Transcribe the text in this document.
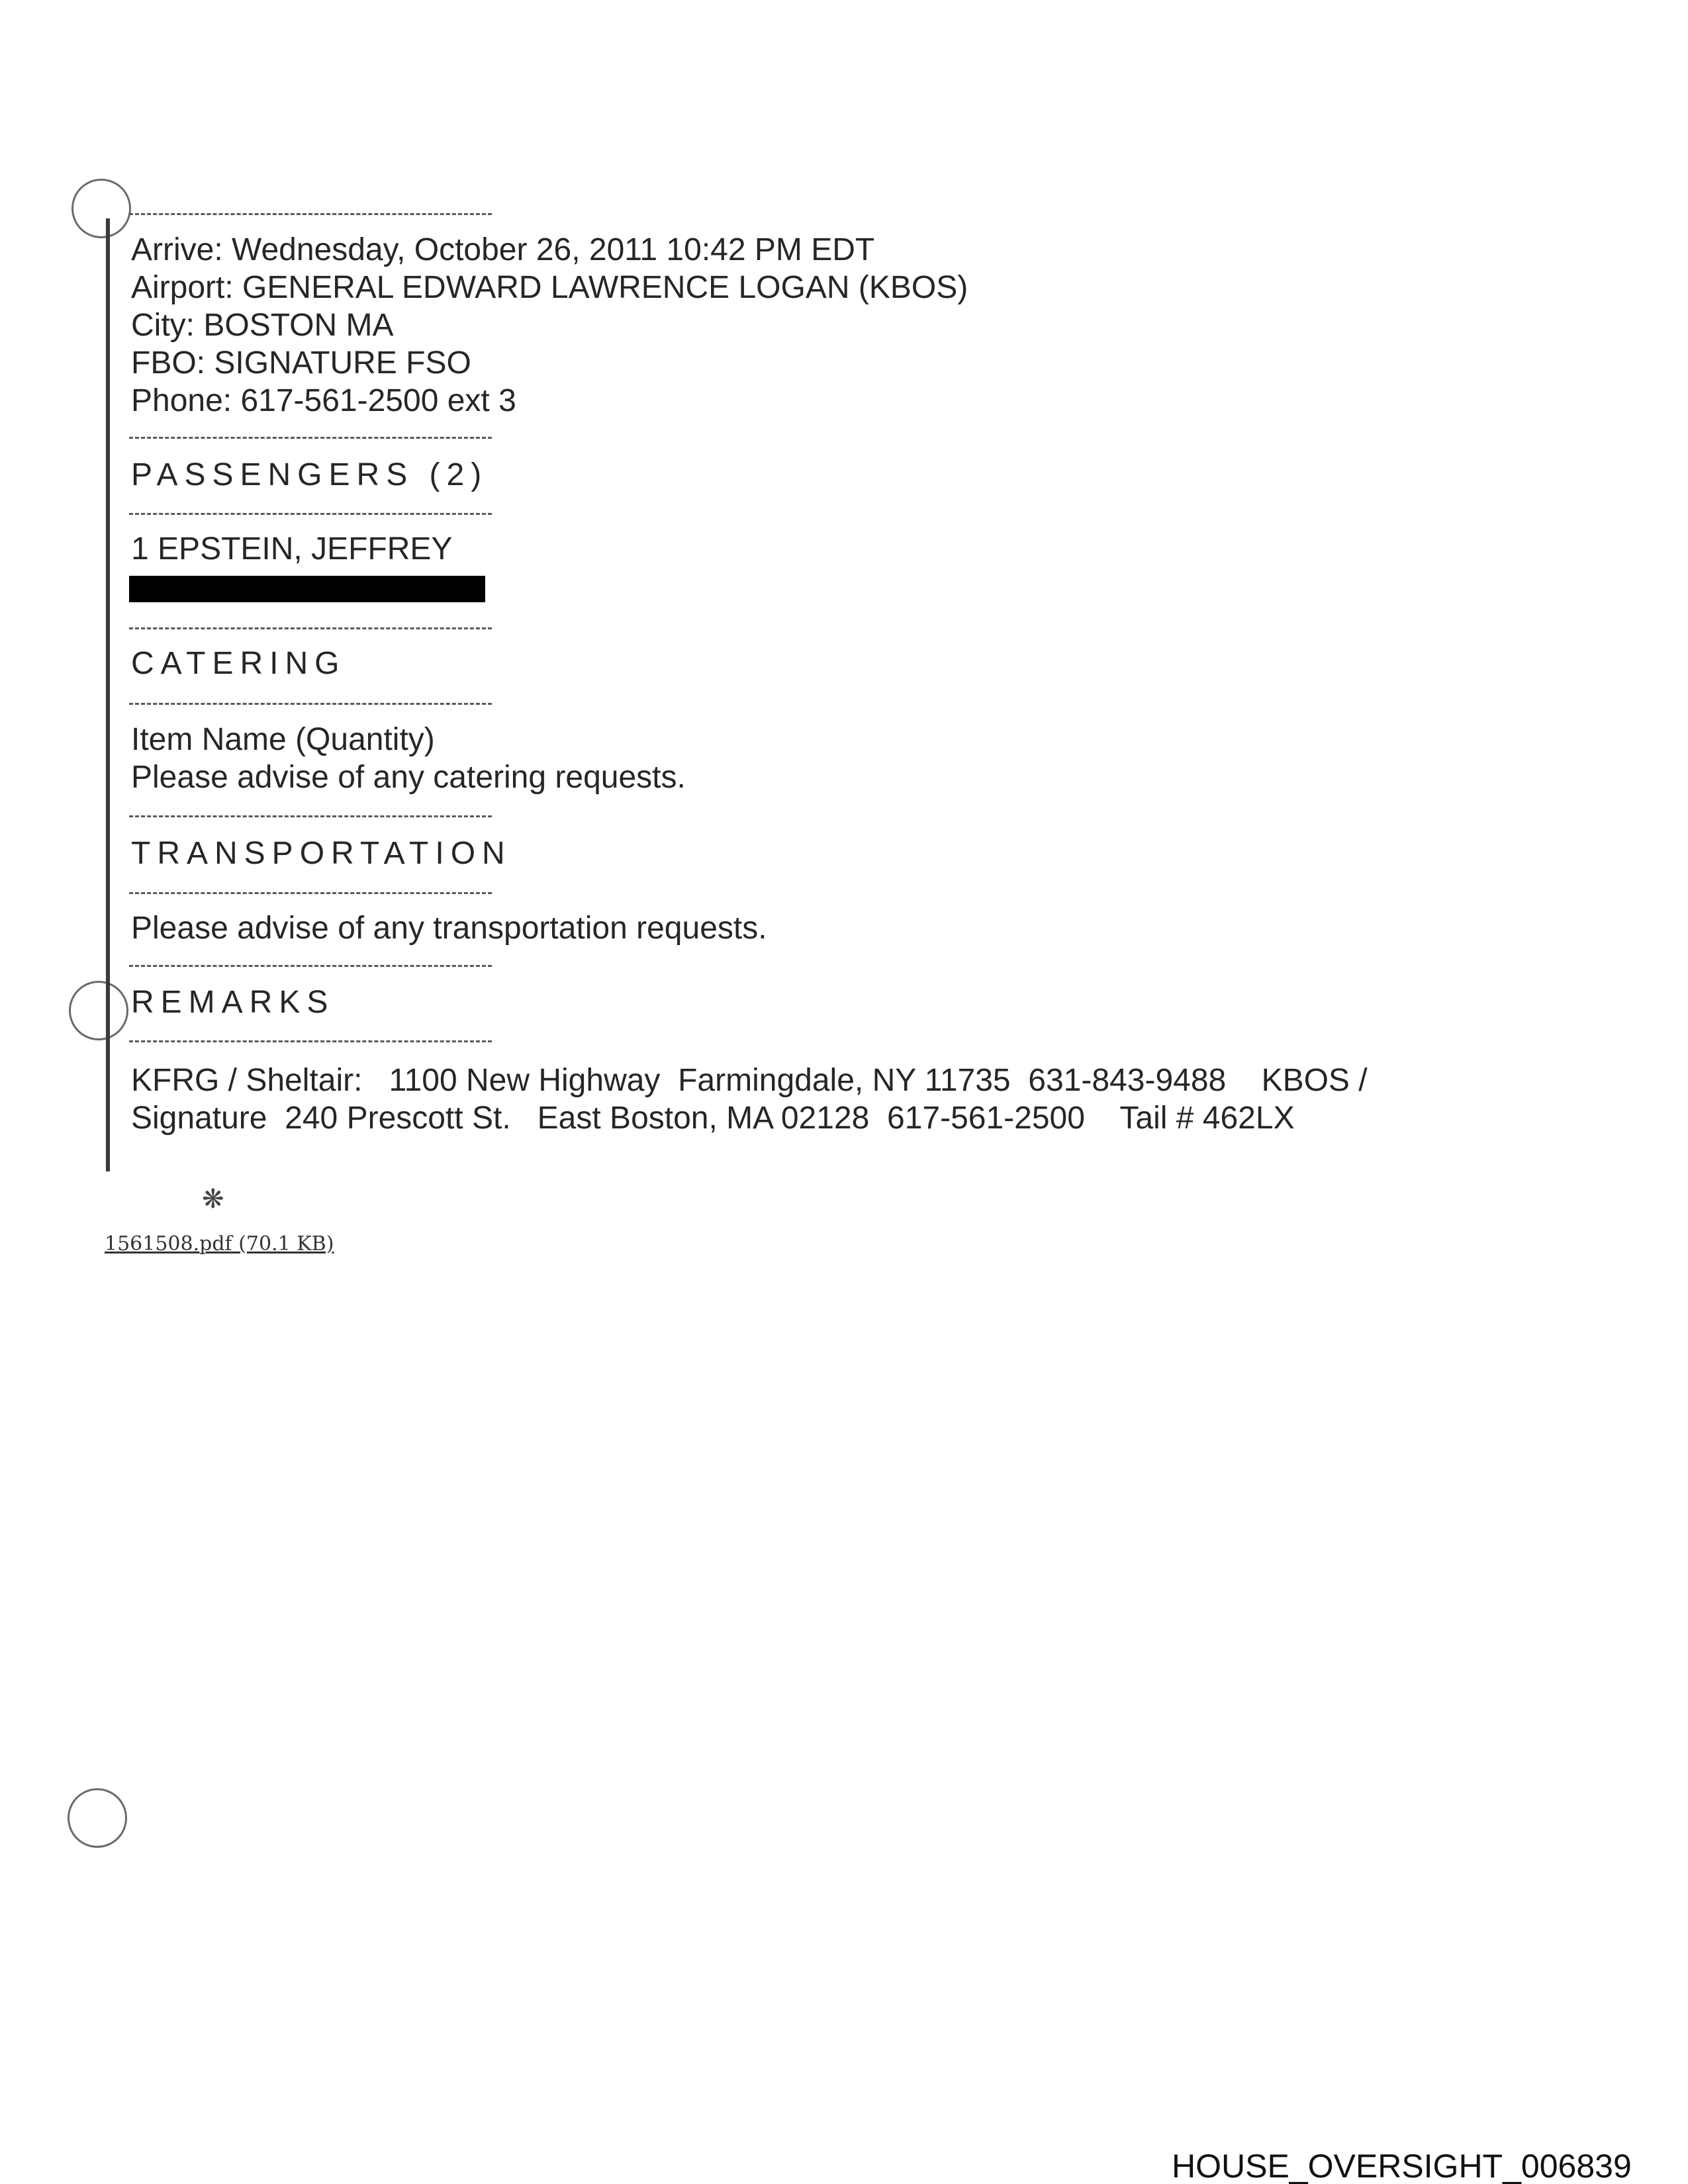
Arrive: Wednesday, October 26, 2011 10:42 PM EDT
Airport: GENERAL EDWARD LAWRENCE LOGAN (KBOS)
City: BOSTON MA
FBO: SIGNATURE FSO
Phone: 617-561-2500 ext 3
PASSENGERS (2)
1 EPSTEIN, JEFFREY
CATERING
Item Name (Quantity)
Please advise of any catering requests.
TRANSPORTATION
Please advise of any transportation requests.
REMARKS
KFRG / Sheltair:   1100 New Highway  Farmingdale, NY 11735  631-843-9488    KBOS /
Signature  240 Prescott St.   East Boston, MA 02128  617-561-2500    Tail # 462LX
❋
1561508.pdf (70.1 KB)
HOUSE_OVERSIGHT_006839
